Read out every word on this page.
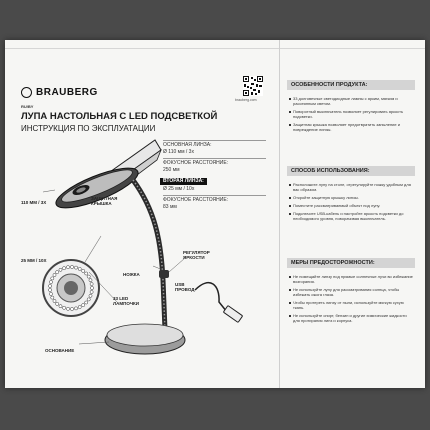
BRAUBERG
brauberg.com
RU/BY
ЛУПА НАСТОЛЬНАЯ С LED ПОДСВЕТКОЙ
ИНСТРУКЦИЯ ПО ЭКСПЛУАТАЦИИ
110 ММ / 3Х
ЗАЩИТНАЯ
КРЫШКА
25 ММ / 10Х
НОЖКА
РЕГУЛЯТОР
ЯРКОСТИ
USB
ПРОВОД
33 LED
ЛАМПОЧКИ
ОСНОВАНИЕ
ОСНОВНАЯ ЛИНЗА:
Ø 110 мм / 3х
ФОКУСНОЕ РАССТОЯНИЕ:
250 мм
ВТОРАЯ ЛИНЗА:
Ø 25 мм / 10х
ФОКУСНОЕ РАССТОЯНИЕ:
83 мм
ОСОБЕННОСТИ ПРОДУКТА:
33 долговечные светодиодные лампы с ярким, мягким и рассеянным светом.
Поворотный выключатель позволяет регулировать яркость подсветки.
Защитная крышка позволяет предотвратить запыление и повреждение линзы.
СПОСОБ ИСПОЛЬЗОВАНИЯ:
Расположите лупу на столе, отрегулируйте ножку удобным для вас образом.
Откройте защитную крышку линзы.
Поместите рассматриваемый объект под лупу.
Подключите USB-кабель и настройте яркость подсветки до необходимого уровня, поворачивая выключатель.
МЕРЫ ПРЕДОСТОРОЖНОСТИ:
Не помещайте линзу под прямые солнечные лучи во избежание возгорания.
Не используйте лупу для рассматривания солнца, чтобы избежать ожога глаза.
Чтобы протереть линзу от пыли, используйте мягкую сухую ткань.
Не используйте спирт, бензин и другие химические жидкости для протирания линз и корпуса.
